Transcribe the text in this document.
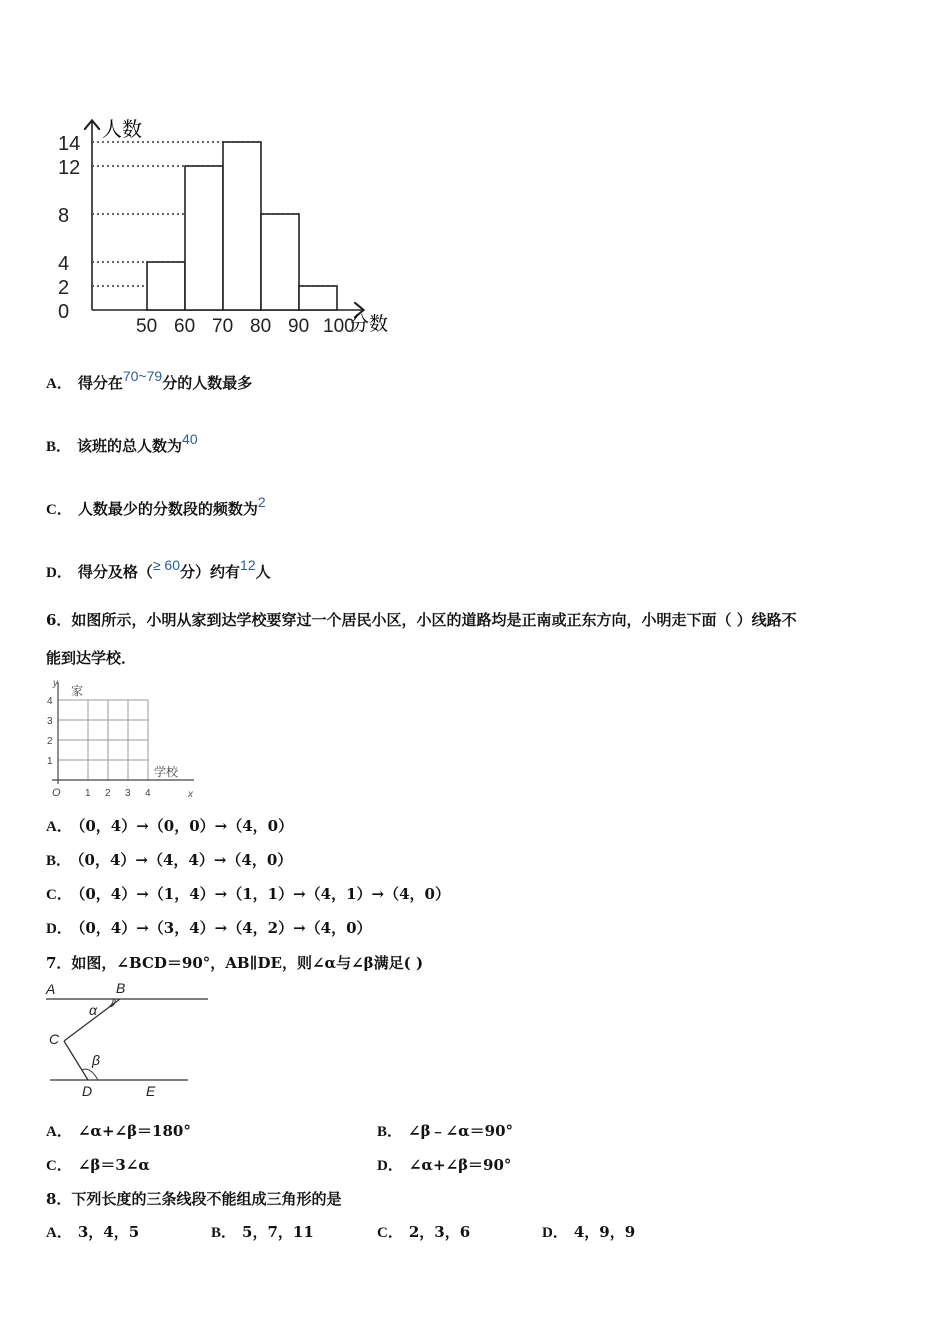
人数
分数
0
2
4
8
12
14
50 60 70 80 90 100
A． 得分在70~79分的人数最多
B． 该班的总人数为40
C． 人数最少的分数段的频数为2
D． 得分及格（≥ 60分）约有12人
6．如图所示，小明从家到达学校要穿过一个居民小区，小区的道路均是正南或正东方向，小明走下面（ ）线路不
能到达学校．
y
x
O
家
学校
1 2 3 4
1
2
3
4
A． （0，4）→（0，0）→（4，0）
B． （0，4）→（4，4）→（4，0）
C． （0，4）→（1，4）→（1，1）→（4，1）→（4，0）
D． （0，4）→（3，4）→（4，2）→（4，0）
7．如图，∠BCD＝90°，AB∥DE，则∠α与∠β满足( )
A	B
C
D	E
α
β
A． ∠α+∠β＝180°	B． ∠β﹣∠α＝90°
C． ∠β＝3∠α	D． ∠α+∠β＝90°
8．下列长度的三条线段不能组成三角形的是
A． 3，4，5	B． 5，7，11	C． 2，3，6	D． 4，9，9
